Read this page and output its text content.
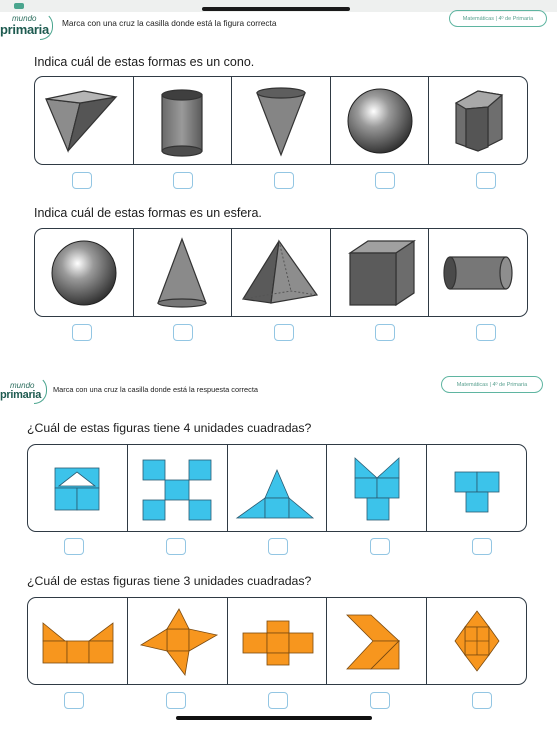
mundo
primaria Marca con una cruz la casilla donde está la figura correcta	Matemáticas | 4º de Primaria
Indica cuál de estas formas es un cono.
Indica cuál de estas formas es un esfera.
mundo
primaria Marca con una cruz la casilla donde está la respuesta correcta
Matemáticas | 4º de Primaria
¿Cuál de estas figuras tiene 4 unidades cuadradas?
¿Cuál de estas figuras tiene 3 unidades cuadradas?
